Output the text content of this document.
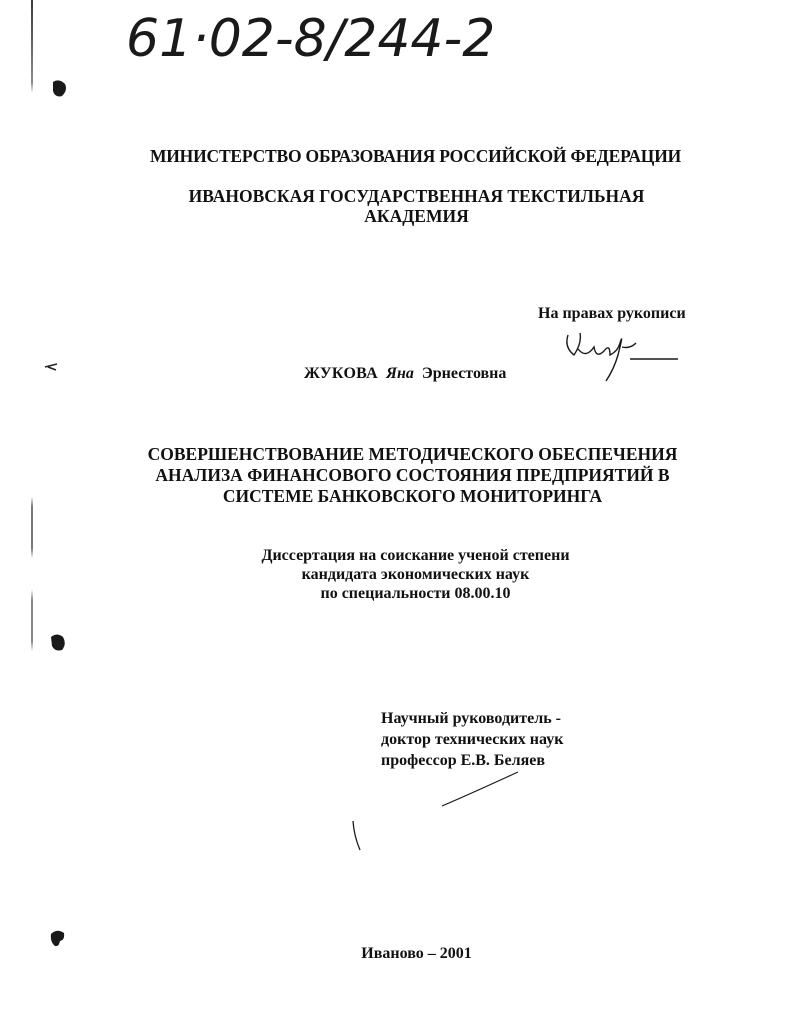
61·02-8/244-2
МИНИСТЕРСТВО ОБРАЗОВАНИЯ РОССИЙСКОЙ ФЕДЕРАЦИИ
ИВАНОВСКАЯ ГОСУДАРСТВЕННАЯ ТЕКСТИЛЬНАЯ
АКАДЕМИЯ
На правах рукописи
ЖУКОВА Яна Эрнестовна
СОВЕРШЕНСТВОВАНИЕ МЕТОДИЧЕСКОГО ОБЕСПЕЧЕНИЯ
АНАЛИЗА ФИНАНСОВОГО СОСТОЯНИЯ ПРЕДПРИЯТИЙ В
СИСТЕМЕ БАНКОВСКОГО МОНИТОРИНГА
Диссертация на соискание ученой степени
кандидата экономических наук
по специальности 08.00.10
Научный руководитель -
доктор технических наук
профессор Е.В. Беляев
Иваново – 2001
